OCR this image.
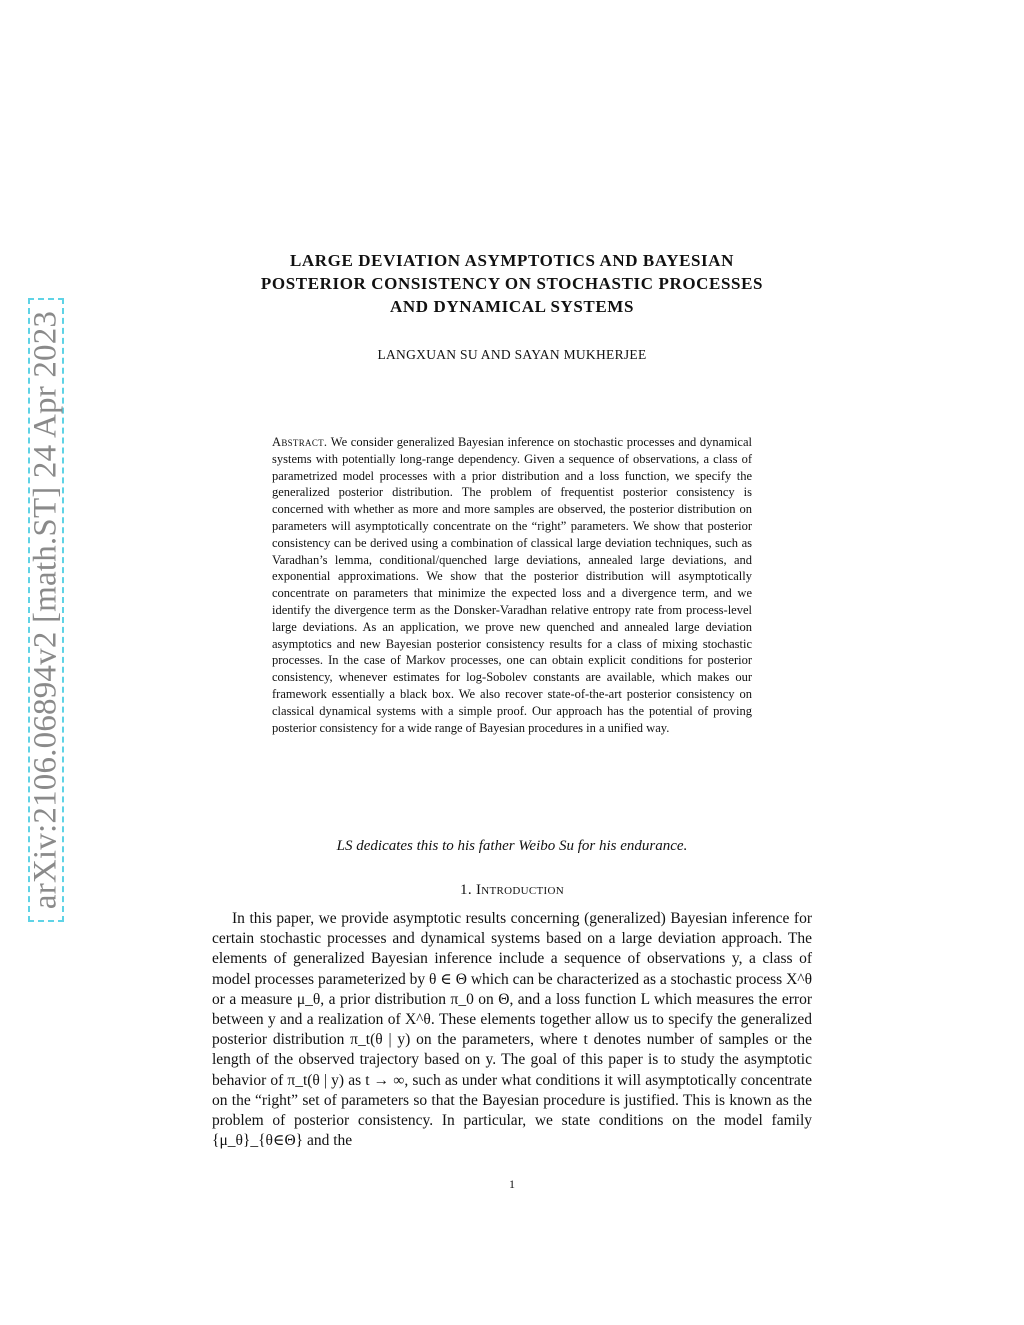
arXiv:2106.06894v2 [math.ST] 24 Apr 2023
LARGE DEVIATION ASYMPTOTICS AND BAYESIAN
POSTERIOR CONSISTENCY ON STOCHASTIC PROCESSES
AND DYNAMICAL SYSTEMS
LANGXUAN SU AND SAYAN MUKHERJEE
Abstract. We consider generalized Bayesian inference on stochastic processes and dynamical systems with potentially long-range dependency. Given a sequence of observations, a class of parametrized model processes with a prior distribution and a loss function, we specify the generalized posterior distribution. The problem of frequentist posterior consistency is concerned with whether as more and more samples are observed, the posterior distribution on parameters will asymptotically concentrate on the “right” parameters. We show that posterior consistency can be derived using a combination of classical large deviation techniques, such as Varadhan’s lemma, conditional/quenched large deviations, annealed large deviations, and exponential approximations. We show that the posterior distribution will asymptotically concentrate on parameters that minimize the expected loss and a divergence term, and we identify the divergence term as the Donsker-Varadhan relative entropy rate from process-level large deviations. As an application, we prove new quenched and annealed large deviation asymptotics and new Bayesian posterior consistency results for a class of mixing stochastic processes. In the case of Markov processes, one can obtain explicit conditions for posterior consistency, whenever estimates for log-Sobolev constants are available, which makes our framework essentially a black box. We also recover state-of-the-art posterior consistency on classical dynamical systems with a simple proof. Our approach has the potential of proving posterior consistency for a wide range of Bayesian procedures in a unified way.
LS dedicates this to his father Weibo Su for his endurance.
1. Introduction
In this paper, we provide asymptotic results concerning (generalized) Bayesian inference for certain stochastic processes and dynamical systems based on a large deviation approach. The elements of generalized Bayesian inference include a sequence of observations y, a class of model processes parameterized by θ ∈ Θ which can be characterized as a stochastic process X^θ or a measure μ_θ, a prior distribution π_0 on Θ, and a loss function L which measures the error between y and a realization of X^θ. These elements together allow us to specify the generalized posterior distribution π_t(θ | y) on the parameters, where t denotes number of samples or the length of the observed trajectory based on y. The goal of this paper is to study the asymptotic behavior of π_t(θ | y) as t → ∞, such as under what conditions it will asymptotically concentrate on the “right” set of parameters so that the Bayesian procedure is justified. This is known as the problem of posterior consistency. In particular, we state conditions on the model family {μ_θ}_{θ∈Θ} and the
1
